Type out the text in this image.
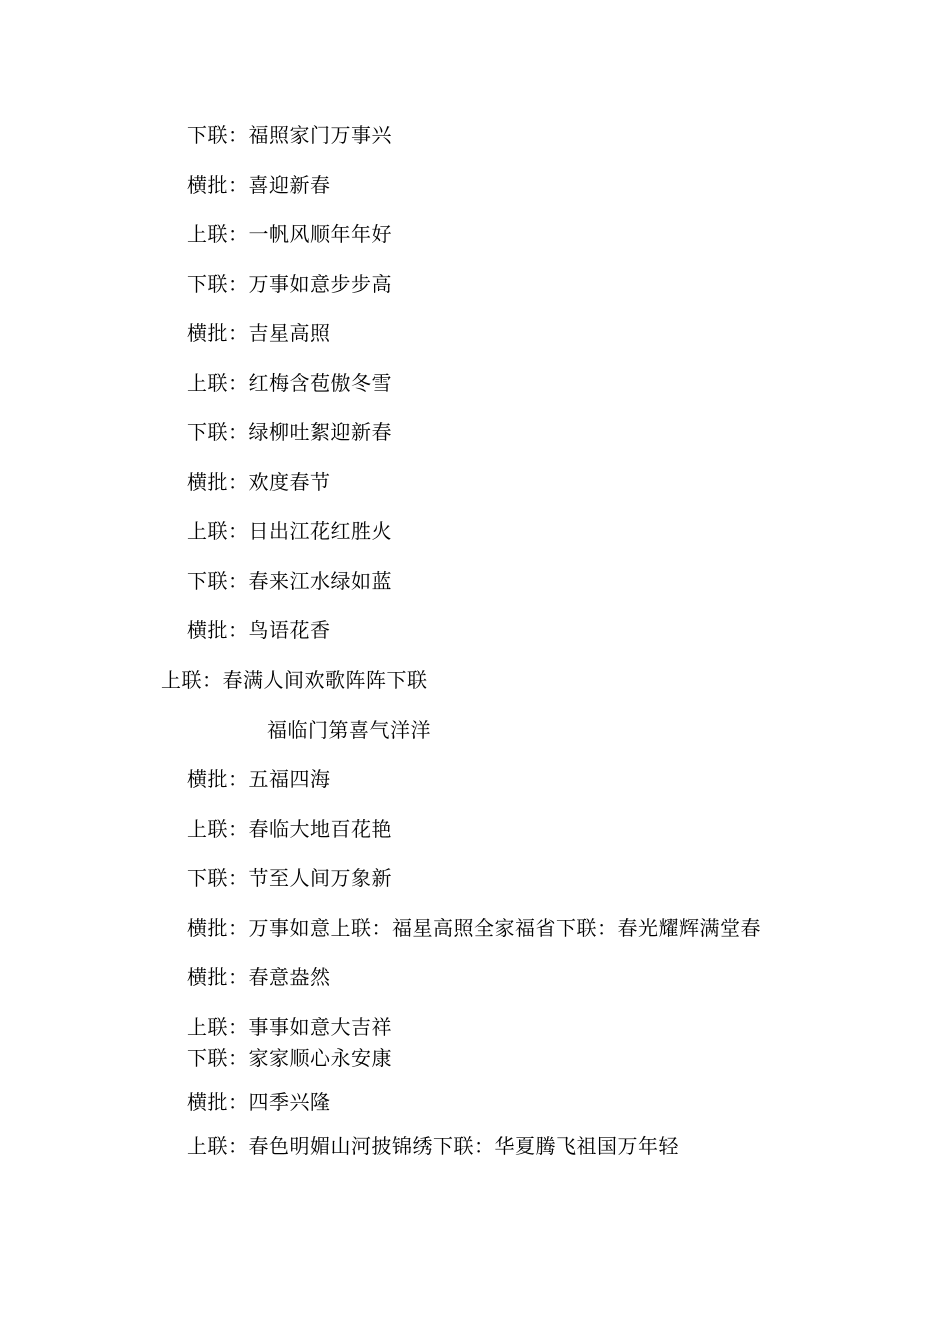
下联：福照家门万事兴
横批：喜迎新春
上联：一帆风顺年年好
下联：万事如意步步高
横批：吉星高照
上联：红梅含苞傲冬雪
下联：绿柳吐絮迎新春
横批：欢度春节
上联：日出江花红胜火
下联：春来江水绿如蓝
横批：鸟语花香
上联：春满人间欢歌阵阵下联
福临门第喜气洋洋
横批：五福四海
上联：春临大地百花艳
下联：节至人间万象新
横批：万事如意上联：福星高照全家福省下联：春光耀辉满堂春
横批：春意盎然
上联：事事如意大吉祥
下联：家家顺心永安康
横批：四季兴隆
上联：春色明媚山河披锦绣下联：华夏腾飞祖国万年轻
